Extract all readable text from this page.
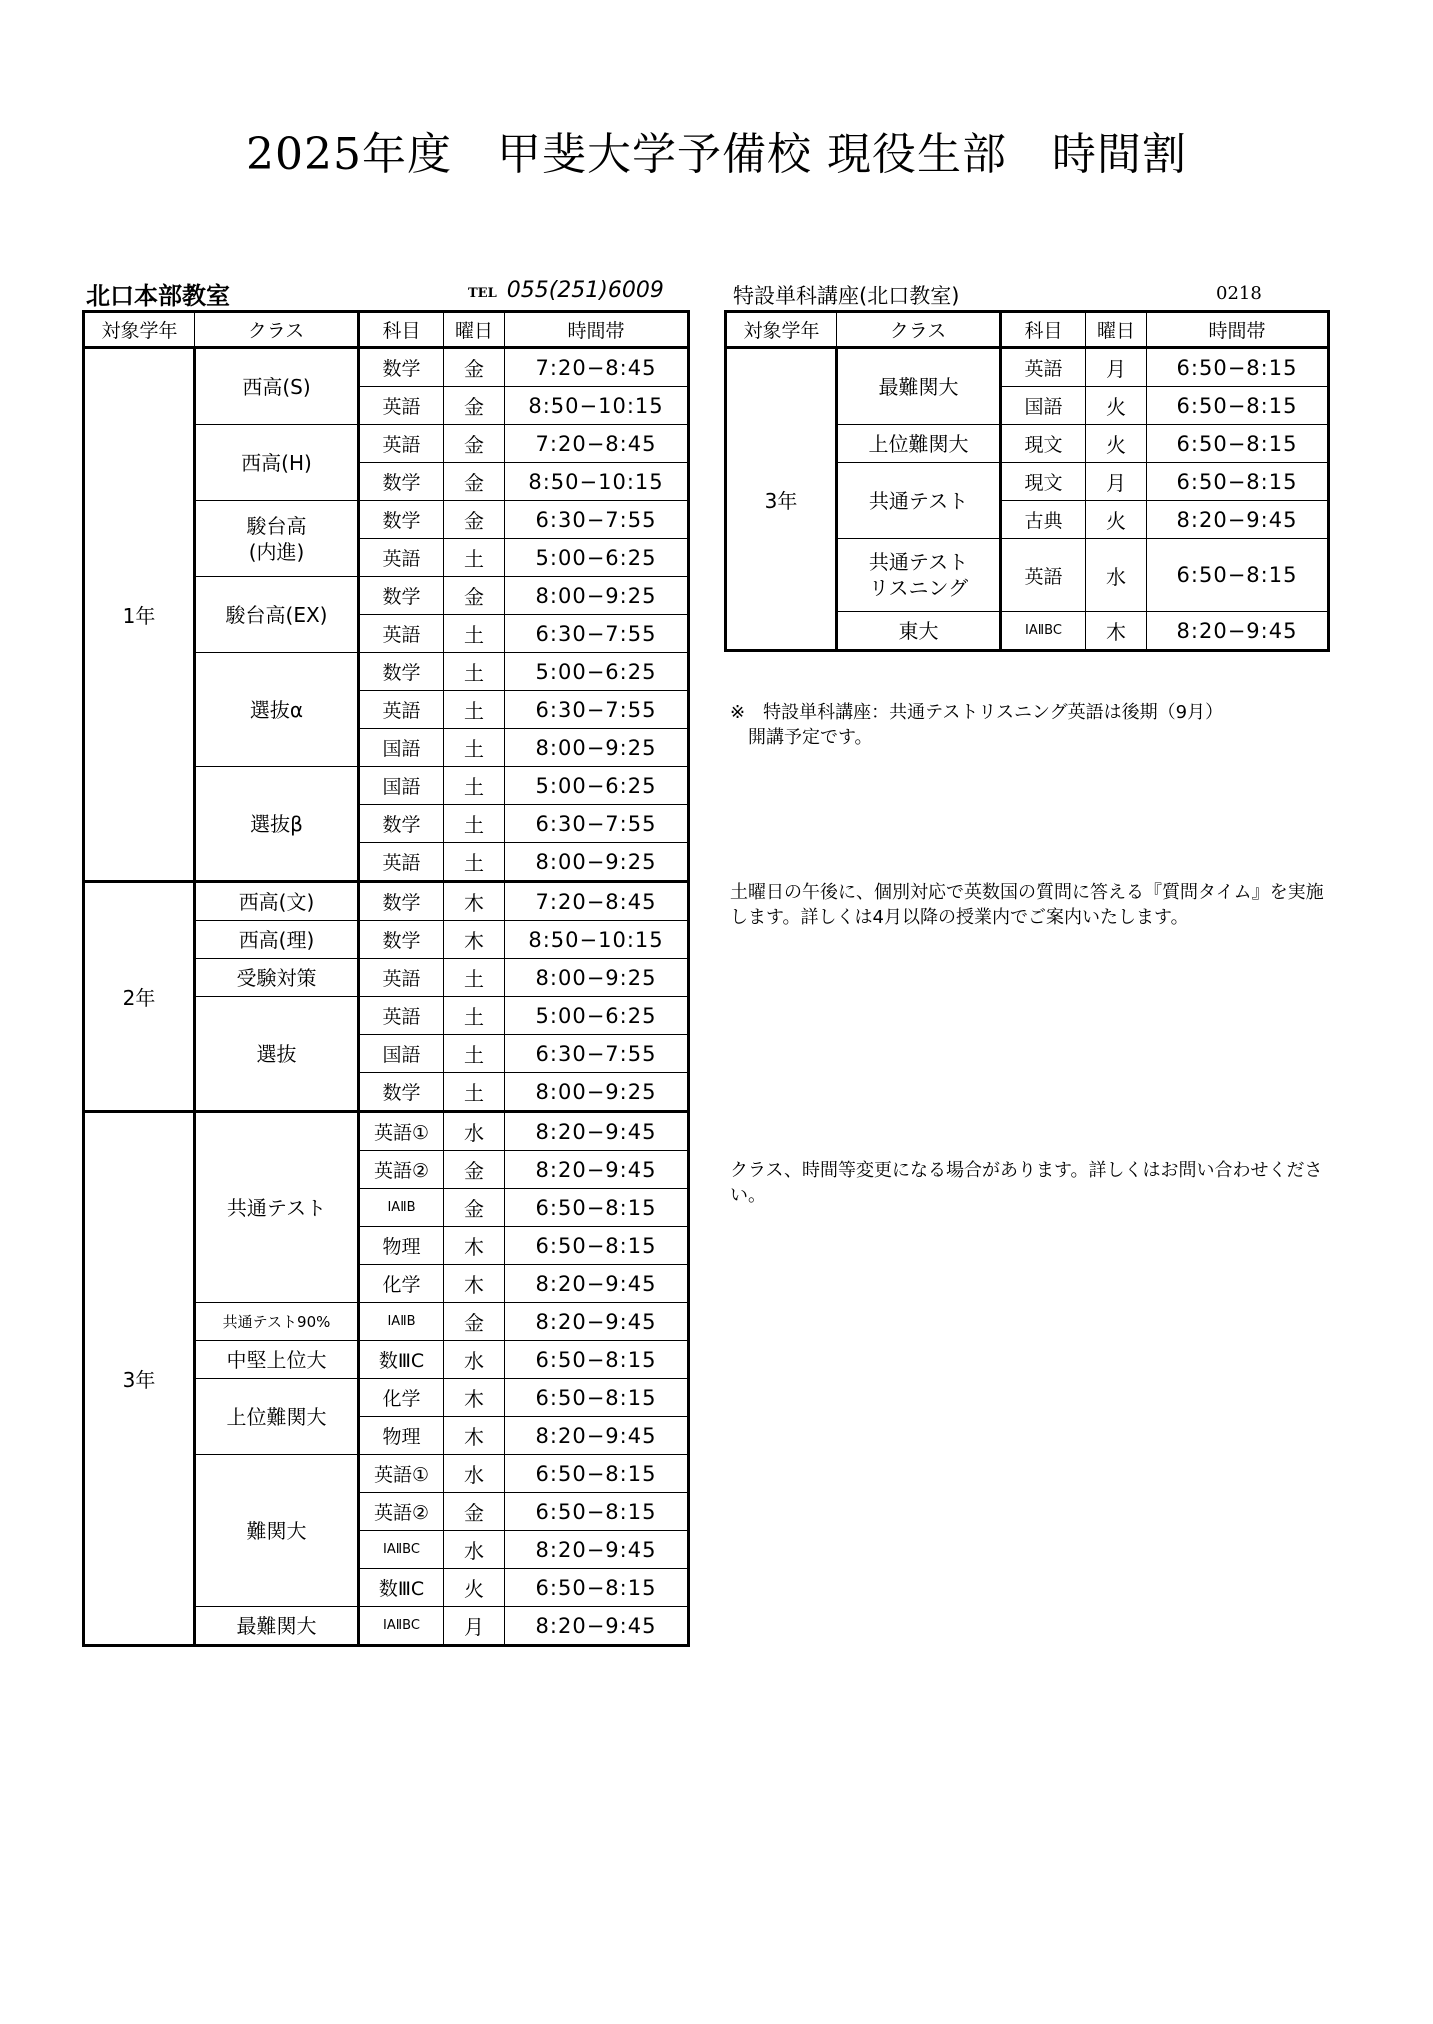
2025年度　甲斐大学予備校 現役生部　時間割
北口本部教室	TEL 055(251)6009	特設単科講座(北口教室)	0218
対象学年	クラス	科目	曜日	時間帯
1年	西高(S)	数学	金	7:20−8:45
		英語	金	8:50−10:15
	西高(H)	英語	金	7:20−8:45
		数学	金	8:50−10:15
	駿台高
(内進)	数学	金	6:30−7:55
		英語	土	5:00−6:25
	駿台高(EX)	数学	金	8:00−9:25
		英語	土	6:30−7:55
	選抜α	数学	土	5:00−6:25
		英語	土	6:30−7:55
		国語	土	8:00−9:25
	選抜β	国語	土	5:00−6:25
		数学	土	6:30−7:55
		英語	土	8:00−9:25
2年	西高(文)	数学	木	7:20−8:45
	西高(理)	数学	木	8:50−10:15
	受験対策	英語	土	8:00−9:25
	選抜	英語	土	5:00−6:25
		国語	土	6:30−7:55
		数学	土	8:00−9:25
3年	共通テスト	英語①	水	8:20−9:45
		英語②	金	8:20−9:45
		ⅠAⅡB	金	6:50−8:15
		物理	木	6:50−8:15
		化学	木	8:20−9:45
	共通テスト90%	ⅠAⅡB	金	8:20−9:45
	中堅上位大	数ⅢC	水	6:50−8:15
	上位難関大	化学	木	6:50−8:15
		物理	木	8:20−9:45
	難関大	英語①	水	6:50−8:15
		英語②	金	6:50−8:15
		ⅠAⅡBC	水	8:20−9:45
		数ⅢC	火	6:50−8:15
	最難関大	ⅠAⅡBC	月	8:20−9:45
対象学年	クラス	科目	曜日	時間帯
3年	最難関大	英語	月	6:50−8:15
		国語	火	6:50−8:15
	上位難関大	現文	火	6:50−8:15
	共通テスト	現文	月	6:50−8:15
		古典	火	8:20−9:45
	共通テスト
リスニング	英語	水	6:50−8:15
	東大	ⅠAⅡBC	木	8:20−9:45
※　特設単科講座：共通テストリスニング英語は後期（9月）
　開講予定です。
土曜日の午後に、個別対応で英数国の質問に答える『質問タイム』を実施します。詳しくは4月以降の授業内でご案内いたします。
クラス、時間等変更になる場合があります。詳しくはお問い合わせください。
